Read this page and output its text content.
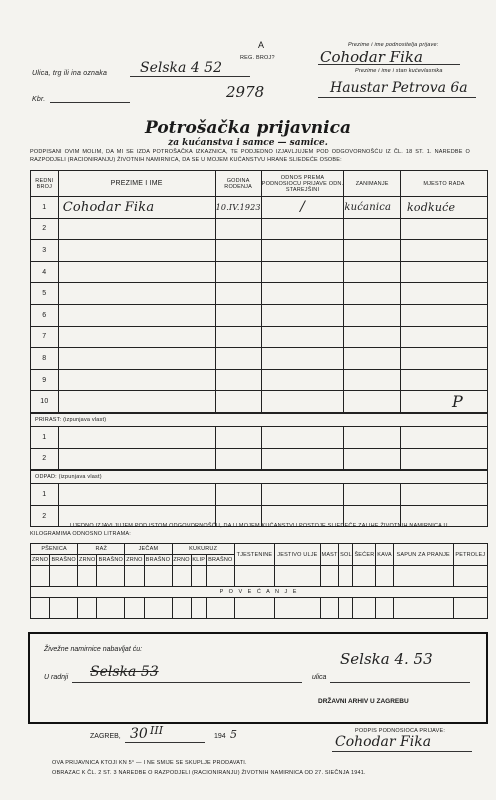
A
REG. BROJ?
Prezime i ime podnositelja prijave:
Cohodar Fika
Prezime i ime i stan kućevlasnika
Haustar Petrova 6a
Ulica, trg ili ina oznaka Selska 4 52
2978
Kbr.
Potrošačka prijavnica
za kućanstva i samce — samice.
PODPISANI OVIM MOLIM, DA MI SE IZDA POTROŠAČKA IZKAZNICA, TE PODJEDNO IZJAVLJUJEM POD ODGOVORNOŠĆU IZ ČL. 18 ST. 1. NAREDBE O RAZPODJELI (RACIONIRANJU) ŽIVOTNIH NAMIRNICA, DA SE U MOJEM KUĆANSTVU HRANE SLIEDEĆE OSOBE:
REDNI BROJ	PREZIME I IME	GODINA RODENJA	ODNOS PREMA PODNOSIOCU PRIJAVE ODN. STAREJŠINI	ZANIMANJE	MJESTO RADA
1	Cohodar Fika	10.IV.1923	/	kućanica	kodkuće
2					
3					
4					
5					
6					
7					
8					
9					
10					
PRIRAST: (izpunjava vlast)					
1					
2					
ODPAD: (izpunjava vlast)					
1					
2					
P
UJEDNO IZJAVLJUJEM POD ISTOM ODGOVORNOŠĆU, DA U MOJEM KUĆANSTVU POSTOJE SLIEDEĆE ZALIHE ŽIVOTNIH NAMIRNICA U KILOGRAMIMA ODNOSNO LITRAMA:
PŠENICA		RAŽ		JEČAM		KUKURUZ			TJESTENINE	JESTIVO ULJE	MAST	SOL	ŠEĆER	KAVA	SAPUN ZA PRANJE	PETROLEJ
ZRNO	BRAŠNO	ZRNO	BRAŠNO	ZRNO	BRAŠNO	ZRNO	KLIP	BRAŠNO								

P O V E Ć A N J E																

Živežne namirnice nabavljat ću:
U radnji Selska 53	ulica
Selska 4. 53
DRŽAVNI ARHIV U ZAGREBU
ZAGREB, 30 III	194 5	PODPIS PODNOSIOCA PRIJAVE:
Cohodar Fika
OVA PRIJAVNICA KTOJI KN 5° — I NE SMIJE SE SKUPLJE PRODAVATI.
OBRAZAC K ČL. 2 ST. 3 NAREDBE O RAZPODJELI (RACIONIRANJU) ŽIVOTNIH NAMIRNICA OD 27. SIEČNJA 1941.
